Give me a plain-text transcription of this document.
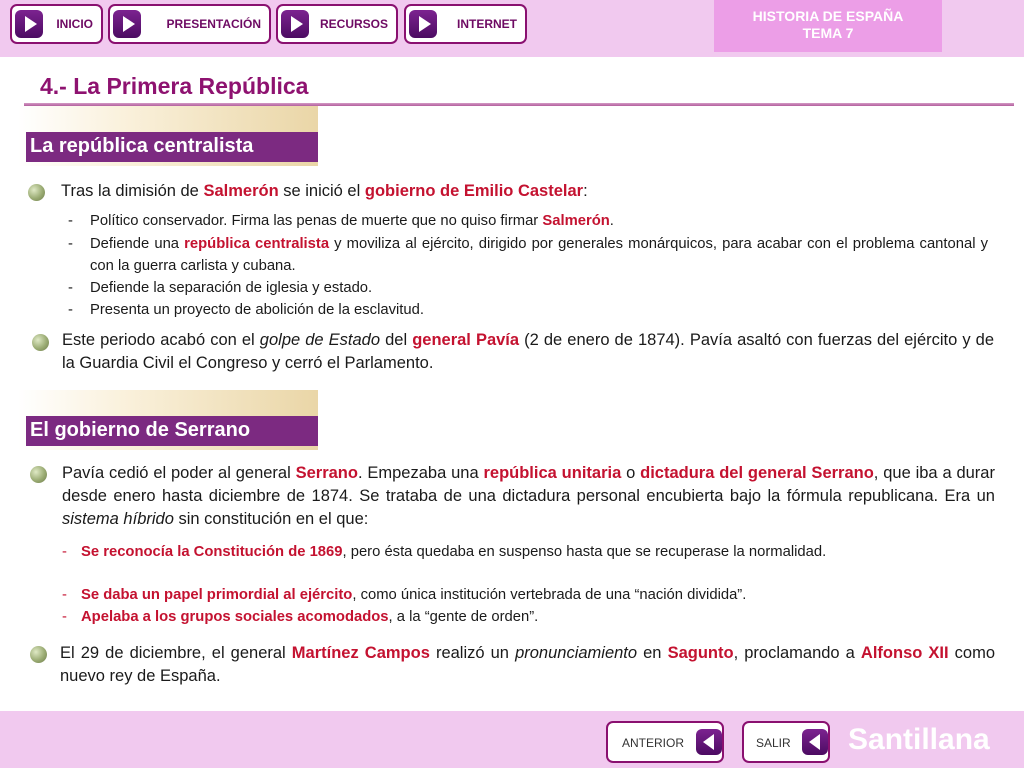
INICIO	PRESENTACIÓN	RECURSOS	INTERNET	HISTORIA DE ESPAÑA
TEMA 7
4.- La Primera República
La república centralista
Tras la dimisión de Salmerón se inició el gobierno de Emilio Castelar:
-	Político conservador. Firma las penas de muerte que no quiso firmar Salmerón.
-	Defiende una república centralista y moviliza al ejército, dirigido por generales monárquicos, para acabar con el problema cantonal y con la guerra carlista y cubana.
-	Defiende la separación de iglesia y estado.
-	Presenta un proyecto de abolición de la esclavitud.
Este periodo acabó con el golpe de Estado del general Pavía (2 de enero de 1874). Pavía asaltó con fuerzas del ejército y de la Guardia Civil el Congreso y cerró el Parlamento.
El gobierno de Serrano
Pavía cedió el poder al general Serrano. Empezaba una república unitaria o dictadura del general Serrano, que iba a durar desde enero hasta diciembre de 1874. Se trataba de una dictadura personal encubierta bajo la fórmula republicana. Era un sistema híbrido sin constitución en el que:
- Se reconocía la Constitución de 1869, pero ésta quedaba en suspenso hasta que se recuperase la normalidad.
- Se daba un papel primordial al ejército, como única institución vertebrada de una “nación dividida”.
- Apelaba a los grupos sociales acomodados, a la “gente de orden”.
El 29 de diciembre, el general Martínez Campos realizó un pronunciamiento en Sagunto, proclamando a Alfonso XII como nuevo rey de España.
ANTERIOR	SALIR Santillana
